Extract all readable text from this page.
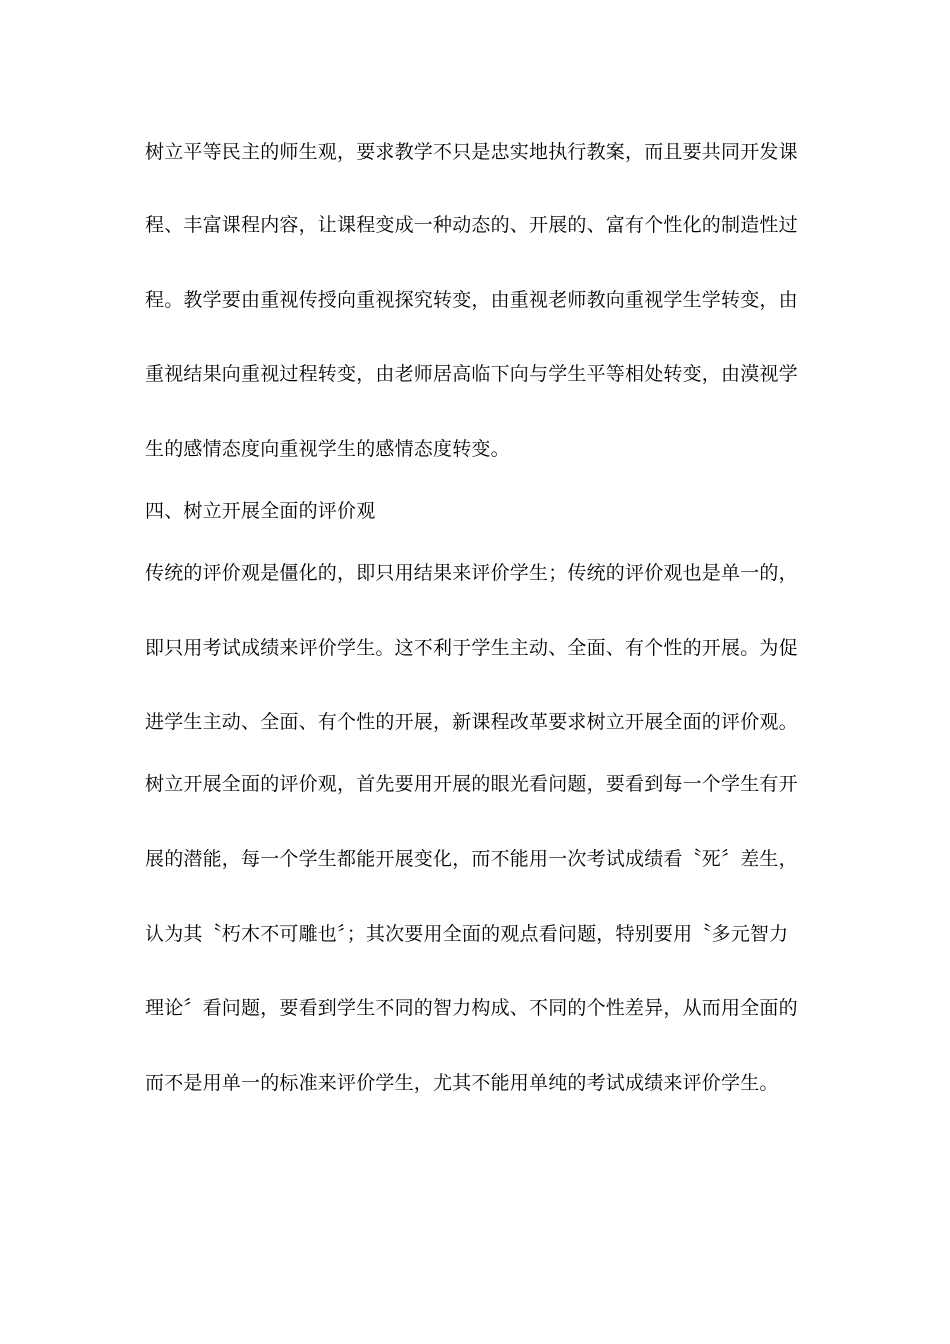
树立平等民主的师生观，要求教学不只是忠实地执行教案，而且要共同开发课
程、丰富课程内容，让课程变成一种动态的、开展的、富有个性化的制造性过
程。教学要由重视传授向重视探究转变，由重视老师教向重视学生学转变，由
重视结果向重视过程转变，由老师居高临下向与学生平等相处转变，由漠视学
生的感情态度向重视学生的感情态度转变。
四、树立开展全面的评价观
传统的评价观是僵化的，即只用结果来评价学生；传统的评价观也是单一的，
即只用考试成绩来评价学生。这不利于学生主动、全面、有个性的开展。为促
进学生主动、全面、有个性的开展，新课程改革要求树立开展全面的评价观。
树立开展全面的评价观，首先要用开展的眼光看问题，要看到每一个学生有开
展的潜能，每一个学生都能开展变化，而不能用一次考试成绩看〝死〞差生，
认为其〝朽木不可雕也〞；其次要用全面的观点看问题，特别要用〝多元智力
理论〞看问题，要看到学生不同的智力构成、不同的个性差异，从而用全面的
而不是用单一的标准来评价学生，尤其不能用单纯的考试成绩来评价学生。
